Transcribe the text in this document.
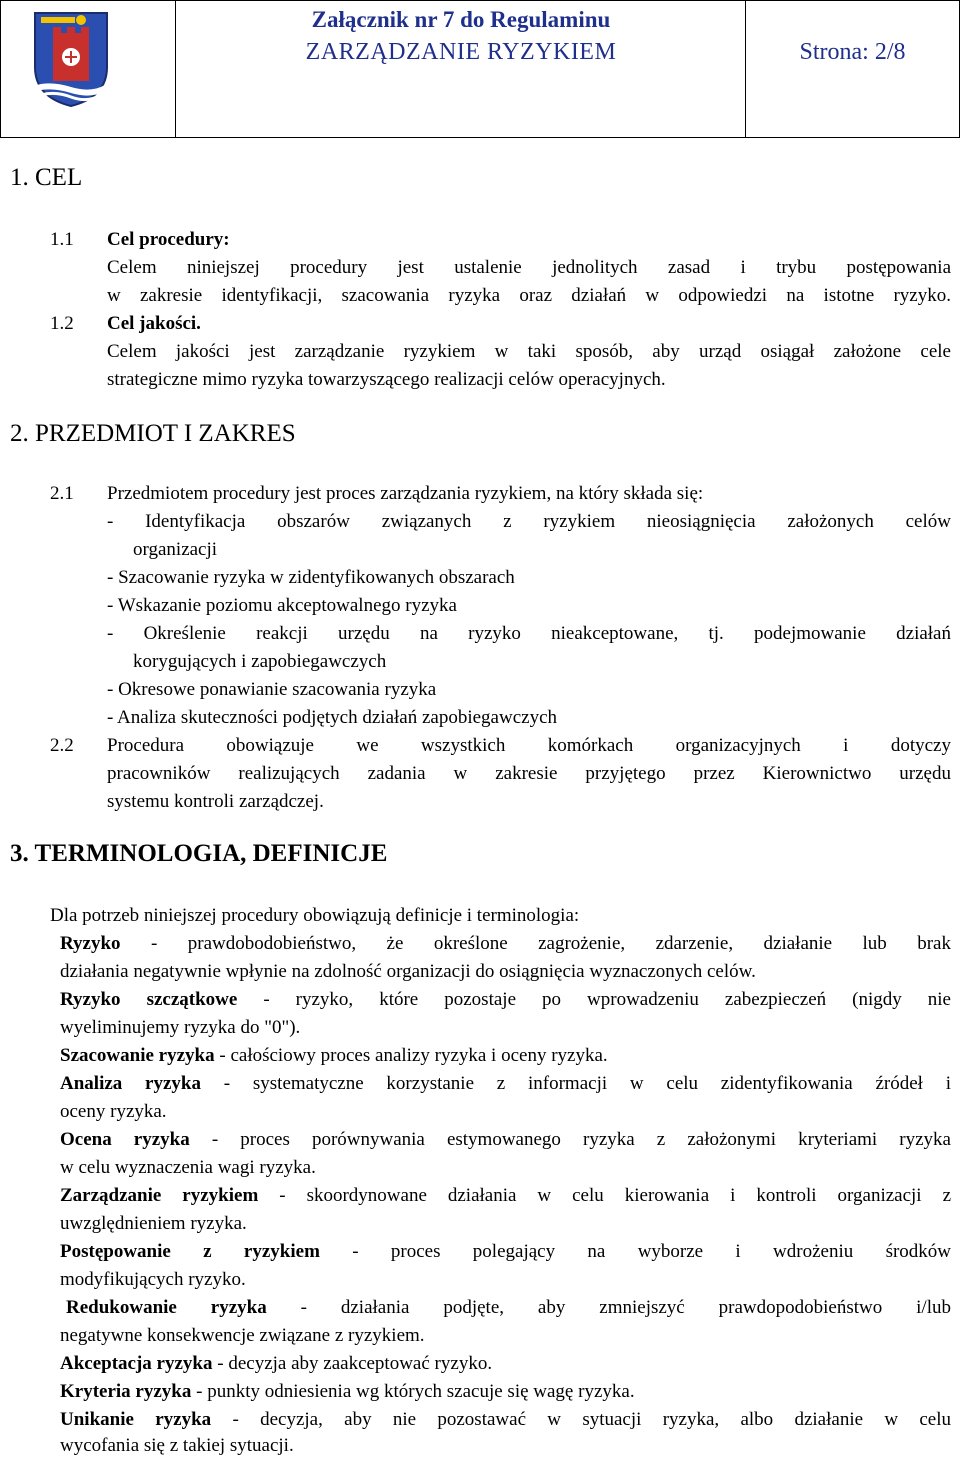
Załącznik nr 7 do Regulaminu
ZARZĄDZANIE RYZYKIEM	Strona: 2/8
1. CEL
1.1 Cel procedury:
Celem niniejszej procedury jest ustalenie jednolitych zasad i trybu postępowania
w zakresie identyfikacji, szacowania ryzyka oraz działań w odpowiedzi na istotne ryzyko.
1.2 Cel jakości.
Celem jakości jest zarządzanie ryzykiem w taki sposób, aby urząd osiągał założone cele
strategiczne mimo ryzyka towarzyszącego realizacji celów operacyjnych.
2. PRZEDMIOT I ZAKRES
2.1 Przedmiotem procedury jest proces zarządzania ryzykiem, na który składa się:
- Identyfikacja obszarów związanych z ryzykiem nieosiągnięcia założonych celów
organizacji
- Szacowanie ryzyka w zidentyfikowanych obszarach
- Wskazanie poziomu akceptowalnego ryzyka
- Określenie reakcji urzędu na ryzyko nieakceptowane, tj. podejmowanie działań
korygujących i zapobiegawczych
- Okresowe ponawianie szacowania ryzyka
- Analiza skuteczności podjętych działań zapobiegawczych
2.2 Procedura obowiązuje we wszystkich komórkach organizacyjnych i dotyczy
pracowników realizujących zadania w zakresie przyjętego przez Kierownictwo urzędu
systemu kontroli zarządczej.
3. TERMINOLOGIA, DEFINICJE
Dla potrzeb niniejszej procedury obowiązują definicje i terminologia:
Ryzyko - prawdobodobieństwo, że określone zagrożenie, zdarzenie, działanie lub brak
działania negatywnie wpłynie na zdolność organizacji do osiągnięcia wyznaczonych celów.
Ryzyko szczątkowe - ryzyko, które pozostaje po wprowadzeniu zabezpieczeń (nigdy nie
wyeliminujemy ryzyka do "0").
Szacowanie ryzyka - całościowy proces analizy ryzyka i oceny ryzyka.
Analiza ryzyka - systematyczne korzystanie z informacji w celu zidentyfikowania źródeł i
oceny ryzyka.
Ocena ryzyka - proces porównywania estymowanego ryzyka z założonymi kryteriami ryzyka
w celu wyznaczenia wagi ryzyka.
Zarządzanie ryzykiem - skoordynowane działania w celu kierowania i kontroli organizacji z
uwzględnieniem ryzyka.
Postępowanie z ryzykiem - proces polegający na wyborze i wdrożeniu środków
modyfikujących ryzyko.
Redukowanie ryzyka - działania podjęte, aby zmniejszyć prawdopodobieństwo i/lub
negatywne konsekwencje związane z ryzykiem.
Akceptacja ryzyka - decyzja aby zaakceptować ryzyko.
Kryteria ryzyka - punkty odniesienia wg których szacuje się wagę ryzyka.
Unikanie ryzyka - decyzja, aby nie pozostawać w sytuacji ryzyka, albo działanie w celu
wycofania się z takiej sytuacji.
